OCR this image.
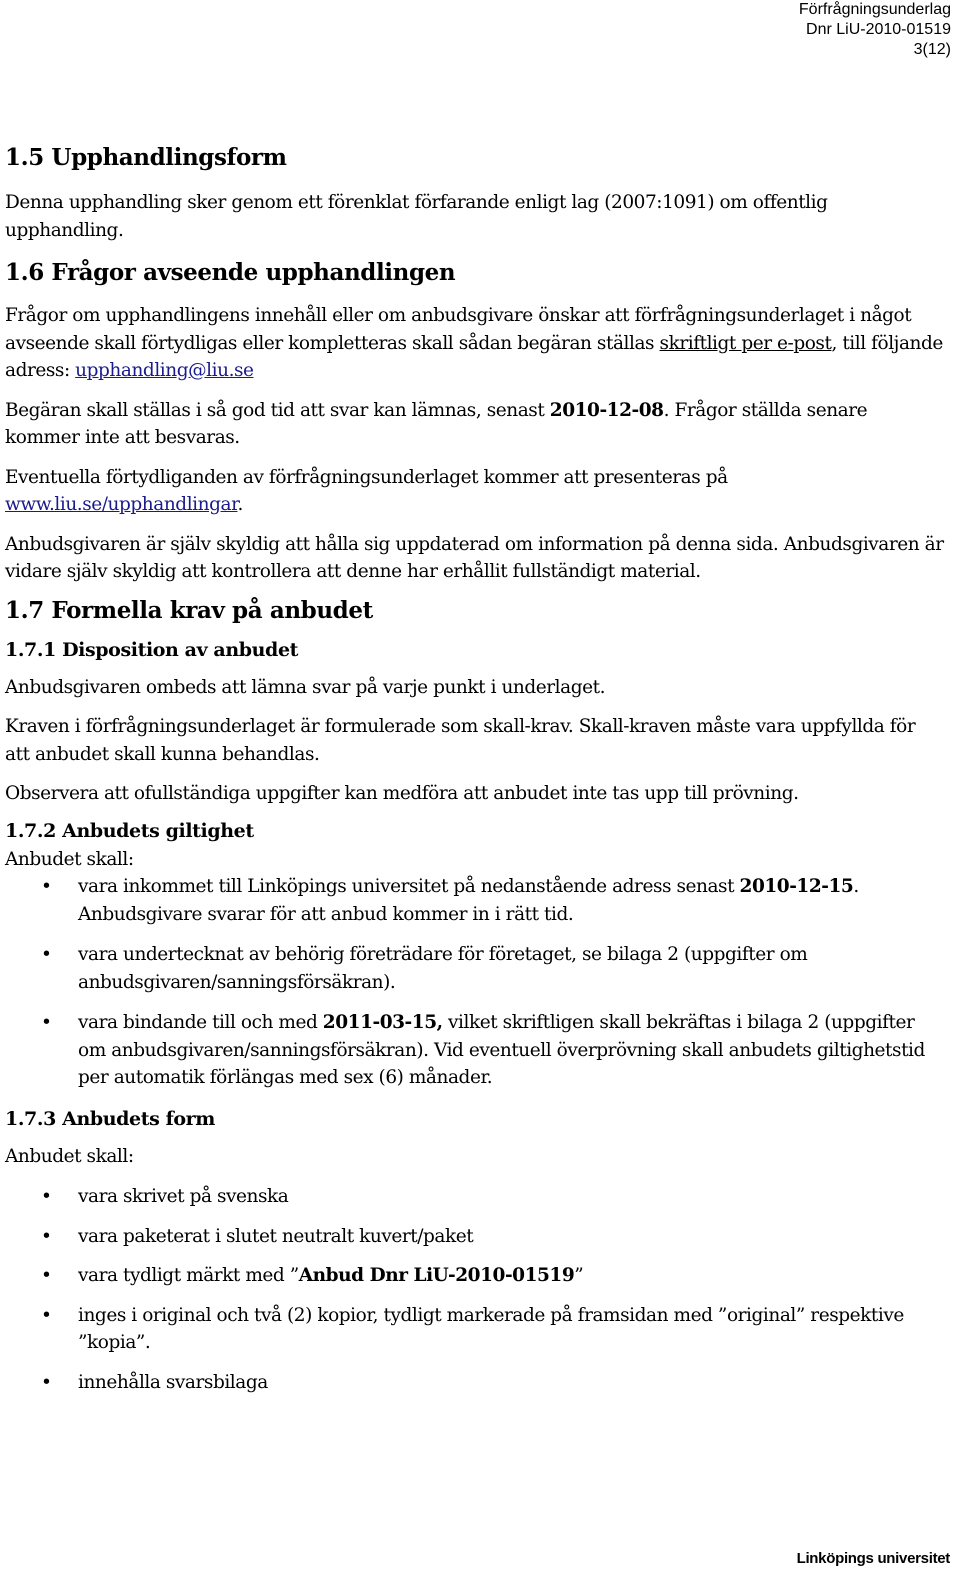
Förfrågningsunderlag
Dnr LiU-2010-01519
3(12)
1.5 Upphandlingsform

Denna upphandling sker genom ett förenklat förfarande enligt lag (2007:1091) om offentlig upphandling.

1.6 Frågor avseende upphandlingen

Frågor om upphandlingens innehåll eller om anbudsgivare önskar att förfrågningsunderlaget i något avseende skall förtydligas eller kompletteras skall sådan begäran ställas skriftligt per e-post, till följande adress: upphandling@liu.se

Begäran skall ställas i så god tid att svar kan lämnas, senast 2010-12-08. Frågor ställda senare kommer inte att besvaras.

Eventuella förtydliganden av förfrågningsunderlaget kommer att presenteras på www.liu.se/upphandlingar.

Anbudsgivaren är själv skyldig att hålla sig uppdaterad om information på denna sida. Anbudsgivaren är vidare själv skyldig att kontrollera att denne har erhållit fullständigt material.

1.7 Formella krav på anbudet
1.7.1 Disposition av anbudet

Anbudsgivaren ombeds att lämna svar på varje punkt i underlaget.

Kraven i förfrågningsunderlaget är formulerade som skall-krav. Skall-kraven måste vara uppfyllda för att anbudet skall kunna behandlas.

Observera att ofullständiga uppgifter kan medföra att anbudet inte tas upp till prövning.

1.7.2 Anbudets giltighet

Anbudet skall:

• vara inkommet till Linköpings universitet på nedanstående adress senast 2010-12-15. Anbudsgivare svarar för att anbud kommer in i rätt tid.
• vara undertecknat av behörig företrädare för företaget, se bilaga 2 (uppgifter om anbudsgivaren/sanningsförsäkran).
• vara bindande till och med 2011-03-15, vilket skriftligen skall bekräftas i bilaga 2 (uppgifter om anbudsgivaren/sanningsförsäkran). Vid eventuell överprövning skall anbudets giltighetstid per automatik förlängas med sex (6) månader.
1.7.3 Anbudets form

Anbudet skall:

• vara skrivet på svenska
• vara paketerat i slutet neutralt kuvert/paket
• vara tydligt märkt med ”Anbud Dnr LiU-2010-01519”
• inges i original och två (2) kopior, tydligt markerade på framsidan med ”original” respektive ”kopia”.
• innehålla svarsbilaga
Linköpings universitet
